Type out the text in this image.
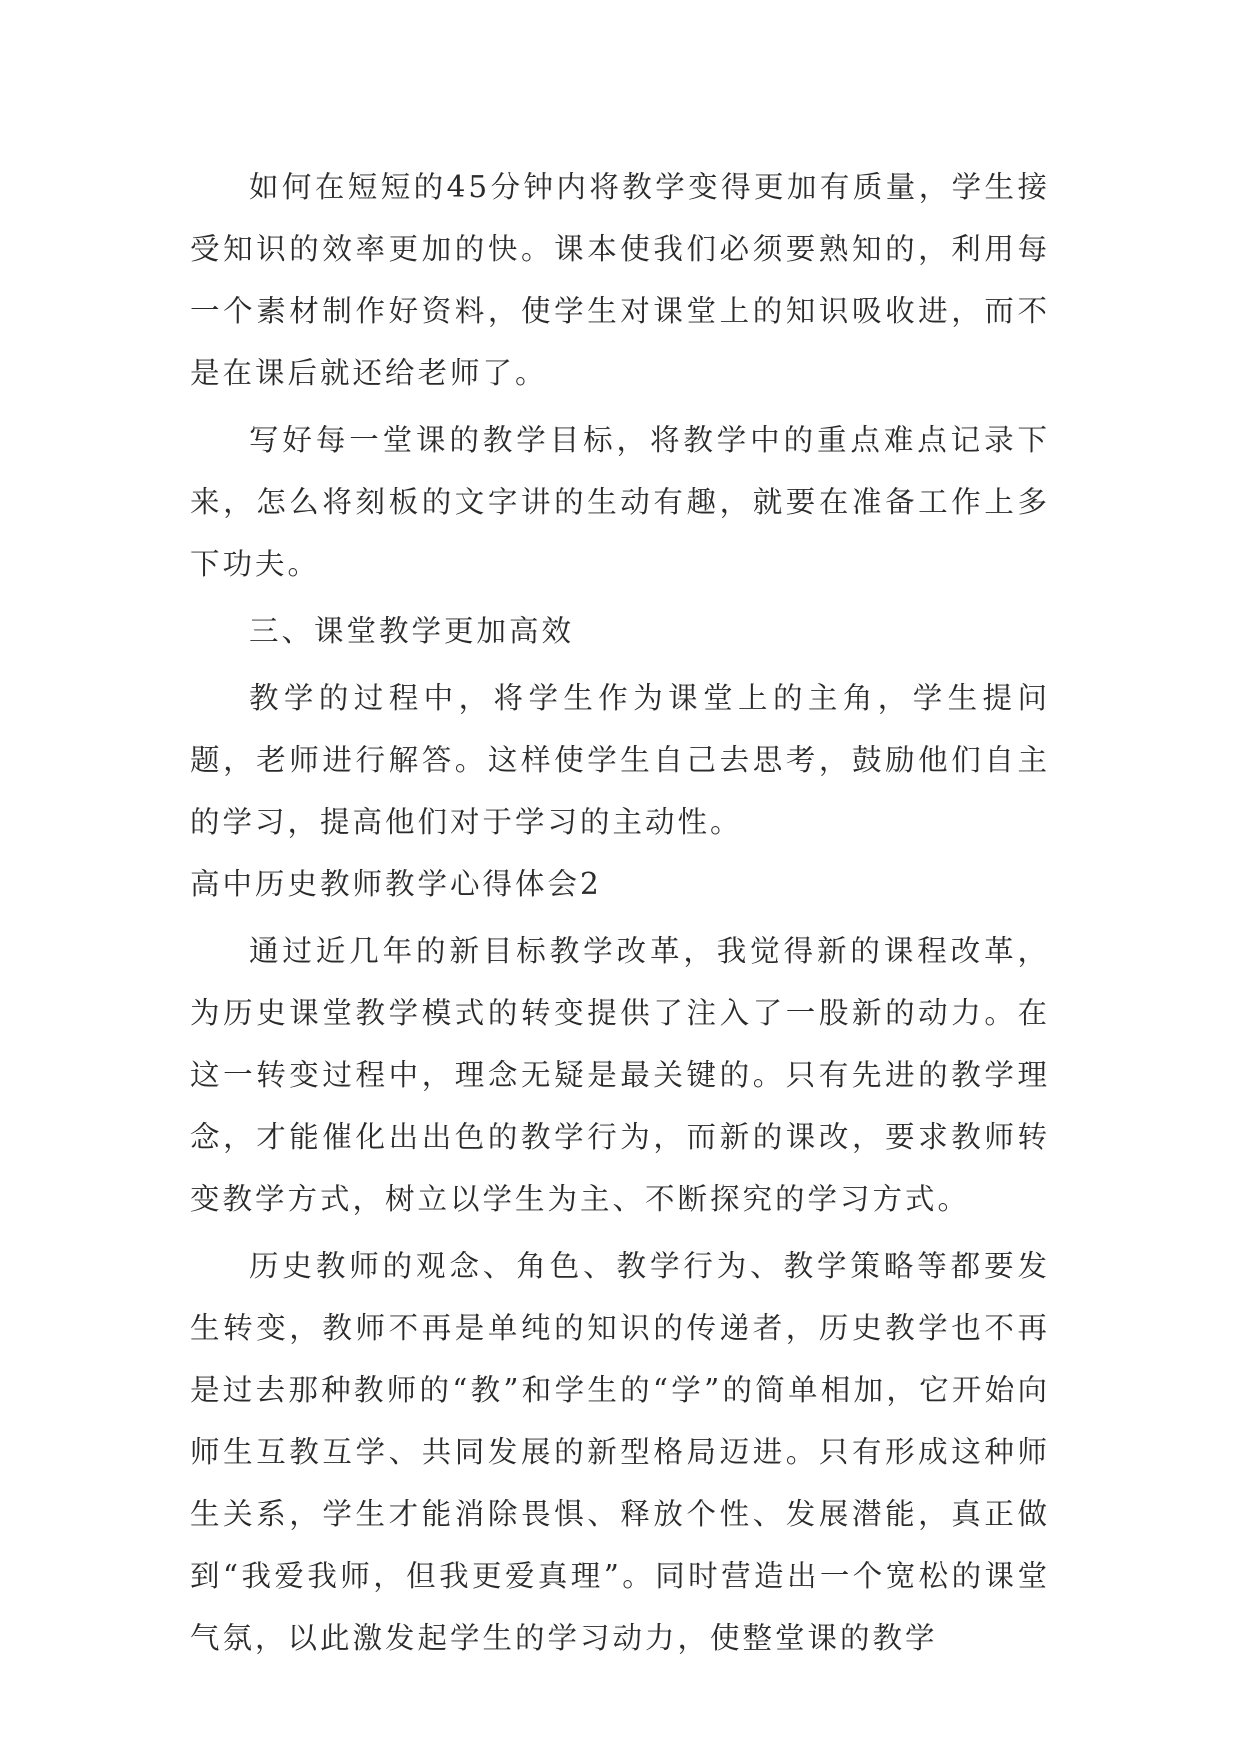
如何在短短的45分钟内将教学变得更加有质量，学生接受知识的效率更加的快。课本使我们必须要熟知的，利用每一个素材制作好资料，使学生对课堂上的知识吸收进，而不是在课后就还给老师了。

写好每一堂课的教学目标，将教学中的重点难点记录下来，怎么将刻板的文字讲的生动有趣，就要在准备工作上多下功夫。

三、课堂教学更加高效

教学的过程中，将学生作为课堂上的主角，学生提问题，老师进行解答。这样使学生自己去思考，鼓励他们自主的学习，提高他们对于学习的主动性。

高中历史教师教学心得体会2

通过近几年的新目标教学改革，我觉得新的课程改革，为历史课堂教学模式的转变提供了注入了一股新的动力。在这一转变过程中，理念无疑是最关键的。只有先进的教学理念，才能催化出出色的教学行为，而新的课改，要求教师转变教学方式，树立以学生为主、不断探究的学习方式。

历史教师的观念、角色、教学行为、教学策略等都要发生转变，教师不再是单纯的知识的传递者，历史教学也不再是过去那种教师的“教”和学生的“学”的简单相加，它开始向师生互教互学、共同发展的新型格局迈进。只有形成这种师生关系，学生才能消除畏惧、释放个性、发展潜能，真正做到“我爱我师，但我更爱真理”。同时营造出一个宽松的课堂气氛，以此激发起学生的学习动力，使整堂课的教学
